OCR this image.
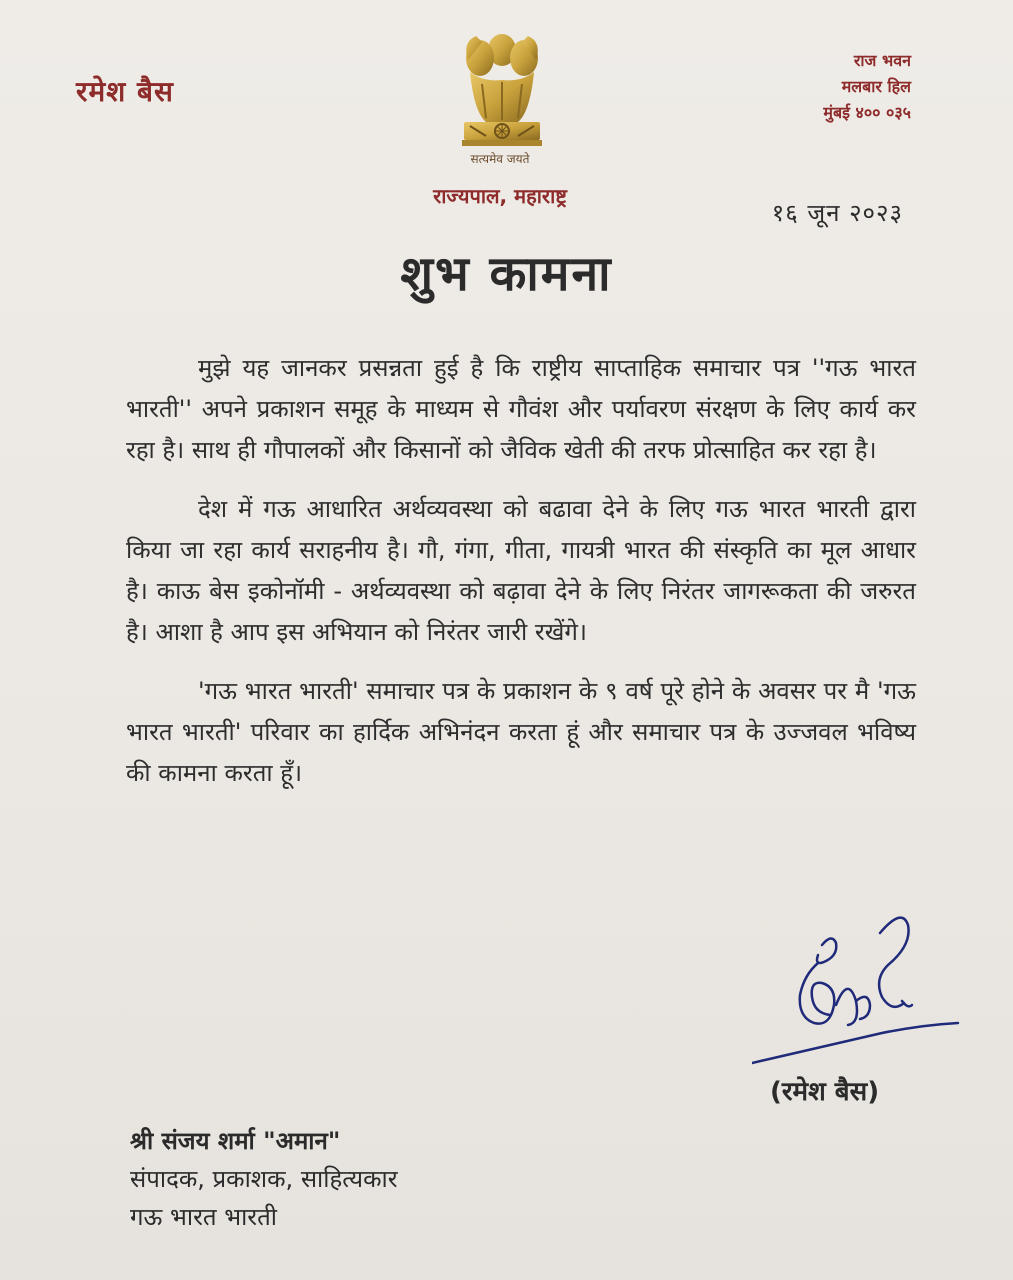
रमेश बैस
सत्यमेव जयते
राज्यपाल, महाराष्ट्र
राज भवन
मलबार हिल
मुंबई ४०० ०३५
१६ जून २०२३
शुभ कामना

मुझे यह जानकर प्रसन्नता हुई है कि राष्ट्रीय साप्ताहिक समाचार पत्र ''गऊ भारत भारती'' अपने प्रकाशन समूह के माध्यम से गौवंश और पर्यावरण संरक्षण के लिए कार्य कर रहा है। साथ ही गौपालकों और किसानों को जैविक खेती की तरफ प्रोत्साहित कर रहा है।

देश में गऊ आधारित अर्थव्यवस्था को बढावा देने के लिए गऊ भारत भारती द्वारा किया जा रहा कार्य सराहनीय है। गौ, गंगा, गीता, गायत्री भारत की संस्कृति का मूल आधार है। काऊ बेस इकोनॉमी - अर्थव्यवस्था को बढ़ावा देने के लिए निरंतर जागरूकता की जरुरत है। आशा है आप इस अभियान को निरंतर जारी रखेंगे।

'गऊ भारत भारती' समाचार पत्र के प्रकाशन के ९ वर्ष पूरे होने के अवसर पर मै 'गऊ भारत भारती' परिवार का हार्दिक अभिनंदन करता हूं और समाचार पत्र के उज्जवल भविष्य की कामना करता हूँ।

(रमेश बैस)
श्री संजय शर्मा "अमान"
संपादक, प्रकाशक, साहित्यकार
गऊ भारत भारती
